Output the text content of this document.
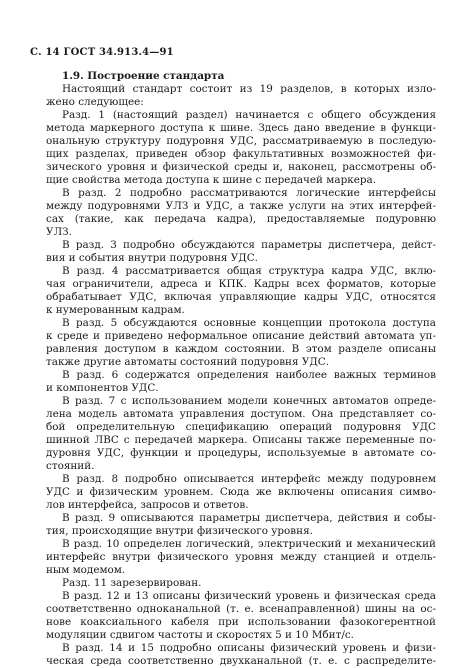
С. 14 ГОСТ 34.913.4—91
1.9. Построение стандарта
Настоящий стандарт состоит из 19 разделов, в которых изло-
жено следующее:
Разд. 1 (настоящий раздел) начинается с общего обсуждения
метода маркерного доступа к шине. Здесь дано введение в функци-
ональную структуру подуровня УДС, рассматриваемую в последую-
щих разделах, приведен обзор факультативных возможностей фи-
зического уровня и физической среды и, наконец, рассмотрены об-
щие свойства метода доступа к шине с передачей маркера.
В разд. 2 подробно рассматриваются логические интерфейсы
между подуровнями УЛЗ и УДС, а также услуги на этих интерфей-
сах (такие, как передача кадра), предоставляемые подуровню
УЛЗ.
В разд. 3 подробно обсуждаются параметры диспетчера, дейст-
вия и события внутри подуровня УДС.
В разд. 4 рассматривается общая структура кадра УДС, вклю-
чая ограничители, адреса и КПК. Кадры всех форматов, которые
обрабатывает УДС, включая управляющие кадры УДС, относятся
к нумерованным кадрам.
В разд. 5 обсуждаются основные концепции протокола доступа
к среде и приведено неформальное описание действий автомата уп-
равления доступом в каждом состоянии. В этом разделе описаны
также другие автоматы состояний подуровня УДС.
В разд. 6 содержатся определения наиболее важных терминов
и компонентов УДС.
В разд. 7 с использованием модели конечных автоматов опреде-
лена модель автомата управления доступом. Она представляет со-
бой определительную спецификацию операций подуровня УДС
шинной ЛВС с передачей маркера. Описаны также переменные по-
дуровня УДС, функции и процедуры, используемые в автомате со-
стояний.
В разд. 8 подробно описывается интерфейс между подуровнем
УДС и физическим уровнем. Сюда же включены описания симво-
лов интерфейса, запросов и ответов.
В разд. 9 описываются параметры диспетчера, действия и собы-
тия, происходящие внутри физического уровня.
В разд. 10 определен логический, электрический и механический
интерфейс внутри физического уровня между станцией и отдель-
ным модемом.
Разд. 11 зарезервирован.
В разд. 12 и 13 описаны физический уровень и физическая среда
соответственно одноканальной (т. е. всенаправленной) шины на ос-
нове коаксиального кабеля при использовании фазокогерентной
модуляции сдвигом частоты и скоростях 5 и 10 Мбит/с.
В разд. 14 и 15 подробно описаны физический уровень и физи-
ческая среда соответственно двухканальной (т. е. с распределите-
